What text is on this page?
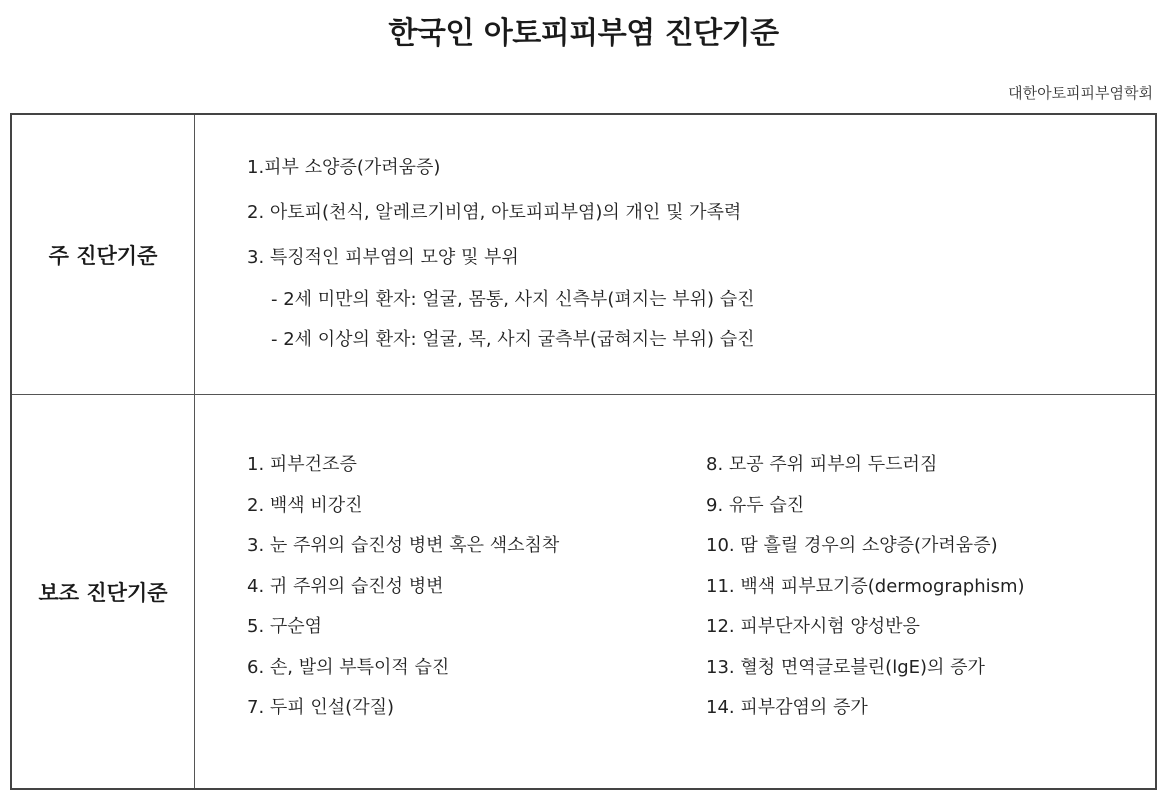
한국인 아토피피부염 진단기준
대한아토피피부염학회
주 진단기준
1.피부 소양증(가려움증)
2. 아토피(천식, 알레르기비염, 아토피피부염)의 개인 및 가족력
3. 특징적인 피부염의 모양 및 부위
- 2세 미만의 환자: 얼굴, 몸통, 사지 신측부(펴지는 부위) 습진
- 2세 이상의 환자: 얼굴, 목, 사지 굴측부(굽혀지는 부위) 습진
보조 진단기준
1. 피부건조증
2. 백색 비강진
3. 눈 주위의 습진성 병변 혹은 색소침착
4. 귀 주위의 습진성 병변
5. 구순염
6. 손, 발의 부특이적 습진
7. 두피 인설(각질)
8. 모공 주위 피부의 두드러짐
9. 유두 습진
10. 땀 흘릴 경우의 소양증(가려움증)
11. 백색 피부묘기증(dermographism)
12. 피부단자시험 양성반응
13. 혈청 면역글로블린(lgE)의 증가
14. 피부감염의 증가
